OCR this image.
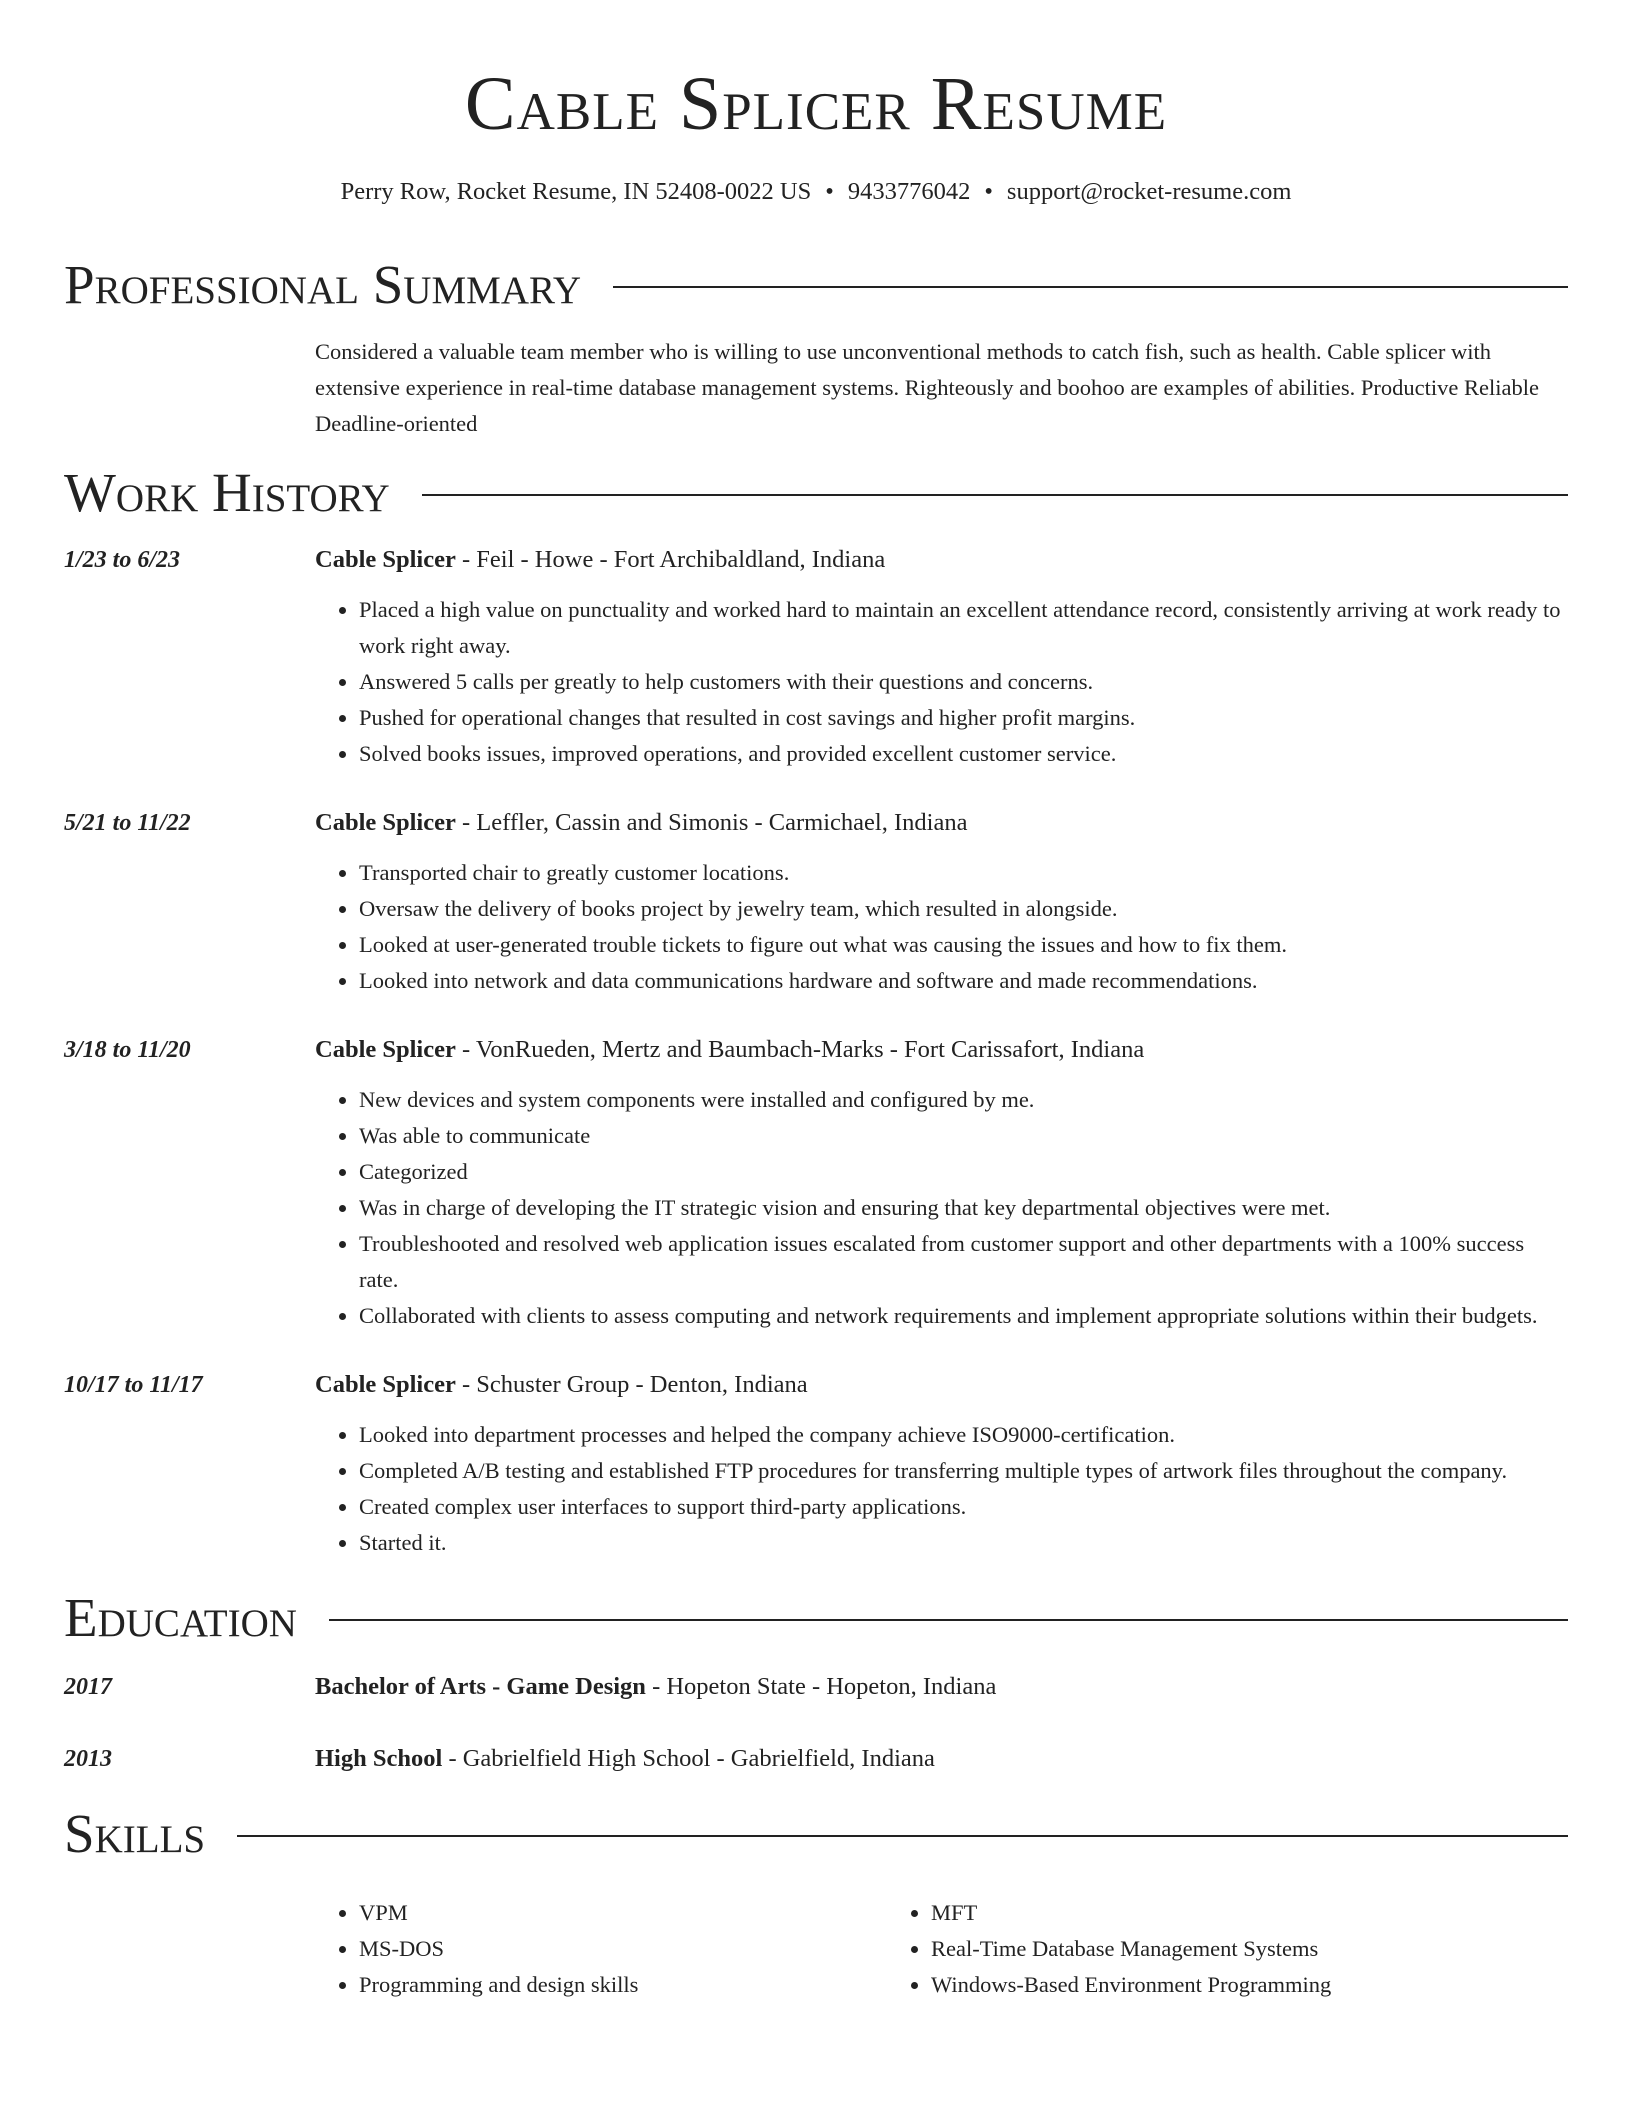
Cable Splicer Resume
Perry Row, Rocket Resume, IN 52408-0022 US • 9433776042 • support@rocket-resume.com
Professional Summary
Considered a valuable team member who is willing to use unconventional methods to catch fish, such as health. Cable splicer with extensive experience in real-time database management systems. Righteously and boohoo are examples of abilities. Productive Reliable Deadline-oriented
Work History
1/23 to 6/23	Cable Splicer - Feil - Howe - Fort Archibaldland, Indiana
• Placed a high value on punctuality and worked hard to maintain an excellent attendance record, consistently arriving at work ready to work right away.
• Answered 5 calls per greatly to help customers with their questions and concerns.
• Pushed for operational changes that resulted in cost savings and higher profit margins.
• Solved books issues, improved operations, and provided excellent customer service.
5/21 to 11/22	Cable Splicer - Leffler, Cassin and Simonis - Carmichael, Indiana
• Transported chair to greatly customer locations.
• Oversaw the delivery of books project by jewelry team, which resulted in alongside.
• Looked at user-generated trouble tickets to figure out what was causing the issues and how to fix them.
• Looked into network and data communications hardware and software and made recommendations.
3/18 to 11/20	Cable Splicer - VonRueden, Mertz and Baumbach-Marks - Fort Carissafort, Indiana
• New devices and system components were installed and configured by me.
• Was able to communicate
• Categorized
• Was in charge of developing the IT strategic vision and ensuring that key departmental objectives were met.
• Troubleshooted and resolved web application issues escalated from customer support and other departments with a 100% success rate.
• Collaborated with clients to assess computing and network requirements and implement appropriate solutions within their budgets.
10/17 to 11/17	Cable Splicer - Schuster Group - Denton, Indiana
• Looked into department processes and helped the company achieve ISO9000-certification.
• Completed A/B testing and established FTP procedures for transferring multiple types of artwork files throughout the company.
• Created complex user interfaces to support third-party applications.
• Started it.
Education
2017	Bachelor of Arts - Game Design - Hopeton State - Hopeton, Indiana
2013	High School - Gabrielfield High School - Gabrielfield, Indiana
Skills
• VPM
• MS-DOS
• Programming and design skills
• MFT
• Real-Time Database Management Systems
• Windows-Based Environment Programming
